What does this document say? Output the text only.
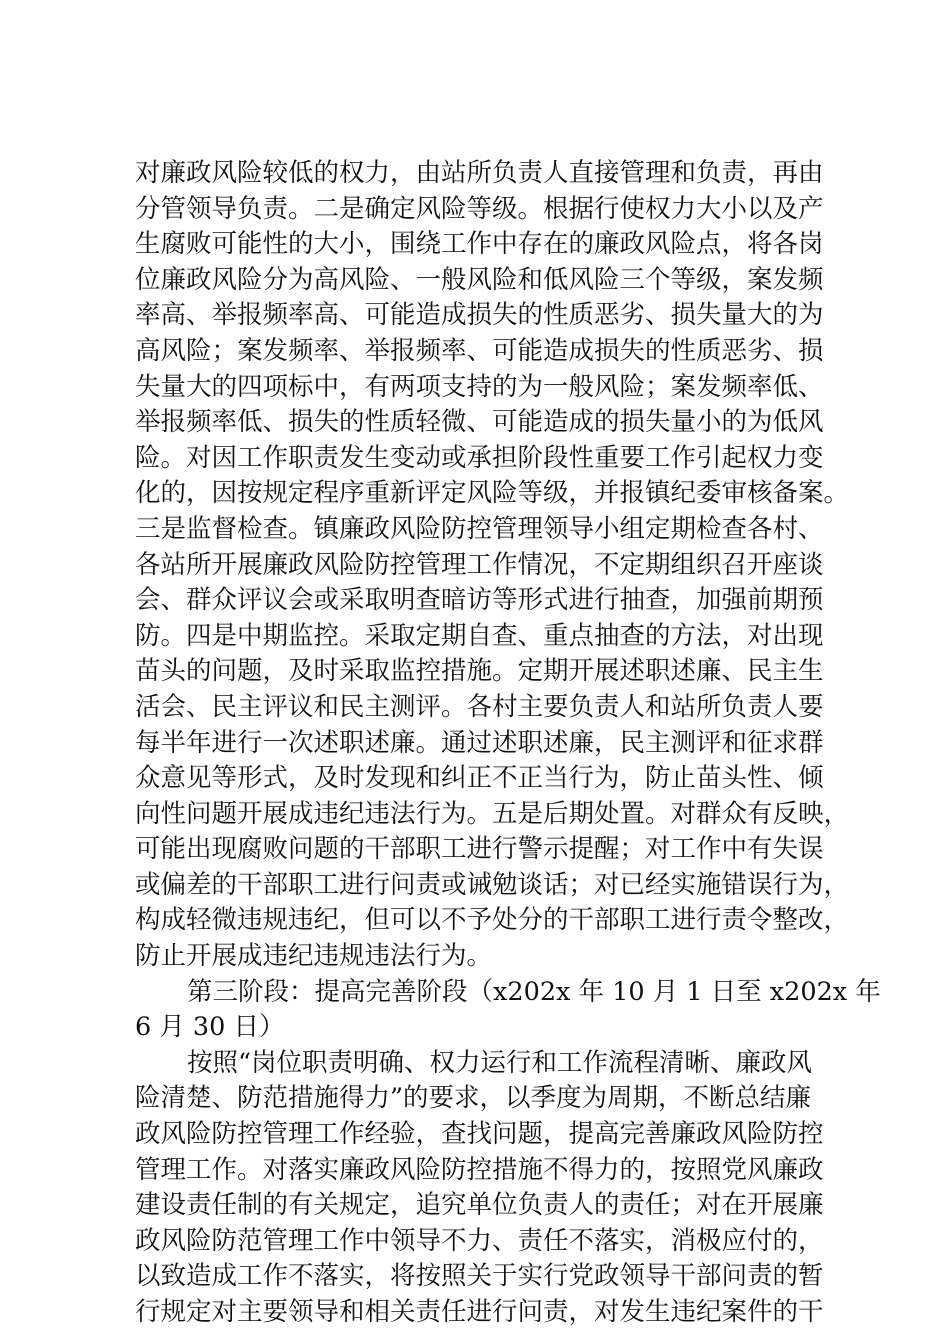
对廉政风险较低的权力，由站所负责人直接管理和负责，再由
分管领导负责。二是确定风险等级。根据行使权力大小以及产
生腐败可能性的大小，围绕工作中存在的廉政风险点，将各岗
位廉政风险分为高风险、一般风险和低风险三个等级，案发频
率高、举报频率高、可能造成损失的性质恶劣、损失量大的为
高风险；案发频率、举报频率、可能造成损失的性质恶劣、损
失量大的四项标中，有两项支持的为一般风险；案发频率低、
举报频率低、损失的性质轻微、可能造成的损失量小的为低风
险。对因工作职责发生变动或承担阶段性重要工作引起权力变
化的，因按规定程序重新评定风险等级，并报镇纪委审核备案。
三是监督检查。镇廉政风险防控管理领导小组定期检查各村、
各站所开展廉政风险防控管理工作情况，不定期组织召开座谈
会、群众评议会或采取明查暗访等形式进行抽查，加强前期预
防。四是中期监控。采取定期自查、重点抽查的方法，对出现
苗头的问题，及时采取监控措施。定期开展述职述廉、民主生
活会、民主评议和民主测评。各村主要负责人和站所负责人要
每半年进行一次述职述廉。通过述职述廉，民主测评和征求群
众意见等形式，及时发现和纠正不正当行为，防止苗头性、倾
向性问题开展成违纪违法行为。五是后期处置。对群众有反映，
可能出现腐败问题的干部职工进行警示提醒；对工作中有失误
或偏差的干部职工进行问责或诫勉谈话；对已经实施错误行为，
构成轻微违规违纪，但可以不予处分的干部职工进行责令整改，
防止开展成违纪违规违法行为。
第三阶段：提高完善阶段（x202x 年 10 月 1 日至 x202x 年
6 月 30 日）
按照“岗位职责明确、权力运行和工作流程清晰、廉政风
险清楚、防范措施得力”的要求，以季度为周期，不断总结廉
政风险防控管理工作经验，查找问题，提高完善廉政风险防控
管理工作。对落实廉政风险防控措施不得力的，按照党风廉政
建设责任制的有关规定，追究单位负责人的责任；对在开展廉
政风险防范管理工作中领导不力、责任不落实，消极应付的，
以致造成工作不落实，将按照关于实行党政领导干部问责的暂
行规定对主要领导和相关责任进行问责，对发生违纪案件的干
